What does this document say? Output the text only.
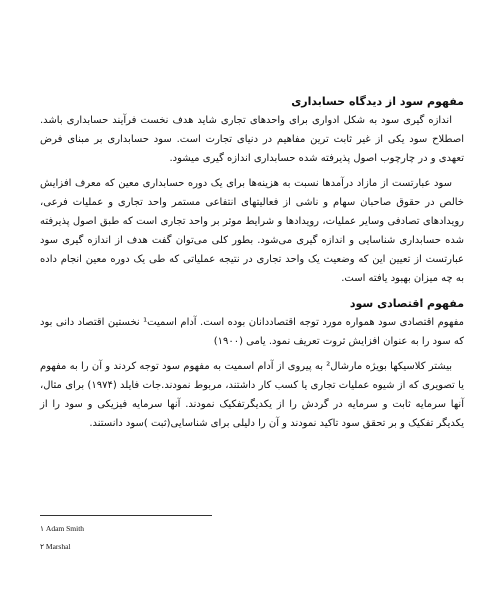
مفهوم سود از دیدگاه حسابداری

اندازه گیری سود به شکل ادواری برای واحدهای تجاری شاید هدف نخست فرآیند حسابداری باشد. اصطلاح سود یکی از غیر ثابت ترین مفاهیم در دنیای تجارت است. سود حسابداری بر مبنای فرض تعهدی و در چارچوب اصول پذیرفته شده حسابداری اندازه گیری میشود.

سود عبارتست از مازاد درآمدها نسبت به هزینه‌ها برای یک دوره حسابداری معین که معرف افزایش خالص در حقوق صاحبان سهام و ناشی از فعالیتهای انتفاعی مستمر واحد تجاری و عملیات فرعی، رویدادهای تصادفی وسایر عملیات، رویدادها و شرایط موثر بر واحد تجاری است که طبق اصول پذیرفته شده حسابداری شناسایی و اندازه گیری می‌شود. بطور کلی می‌توان گفت هدف از اندازه گیری سود عبارتست از تعیین این که وضعیت یک واحد تجاری در نتیجه عملیاتی که طی یک دوره معین انجام داده به چه میزان بهبود یافته است.

مفهوم اقتصادی سود

مفهوم اقتصادی سود همواره مورد توجه اقتصاددانان بوده است. آدام اسمیت¹ نخستین اقتصاد دانی بود که سود را به عنوان افزایش ثروت تعریف نمود. یامی (۱۹۰۰)

بیشتر کلاسیکها بویژه مارشال² به پیروی از آدام اسمیت به مفهوم سود توجه کردند و آن را به مفهوم یا تصویری که از شیوه عملیات تجاری یا کسب کار داشتند، مربوط نمودند.جات فایلد (۱۹۷۴) برای مثال، آنها سرمایه ثابت و سرمایه در گردش را از یکدیگرتفکیک نمودند. آنها سرمایه فیزیکی و سود را از یکدیگر تفکیک و بر تحقق سود تاکید نمودند و آن را دلیلی برای شناسایی(ثبت )سود دانستند.

۱ Adam Smith
۲ Marshal
